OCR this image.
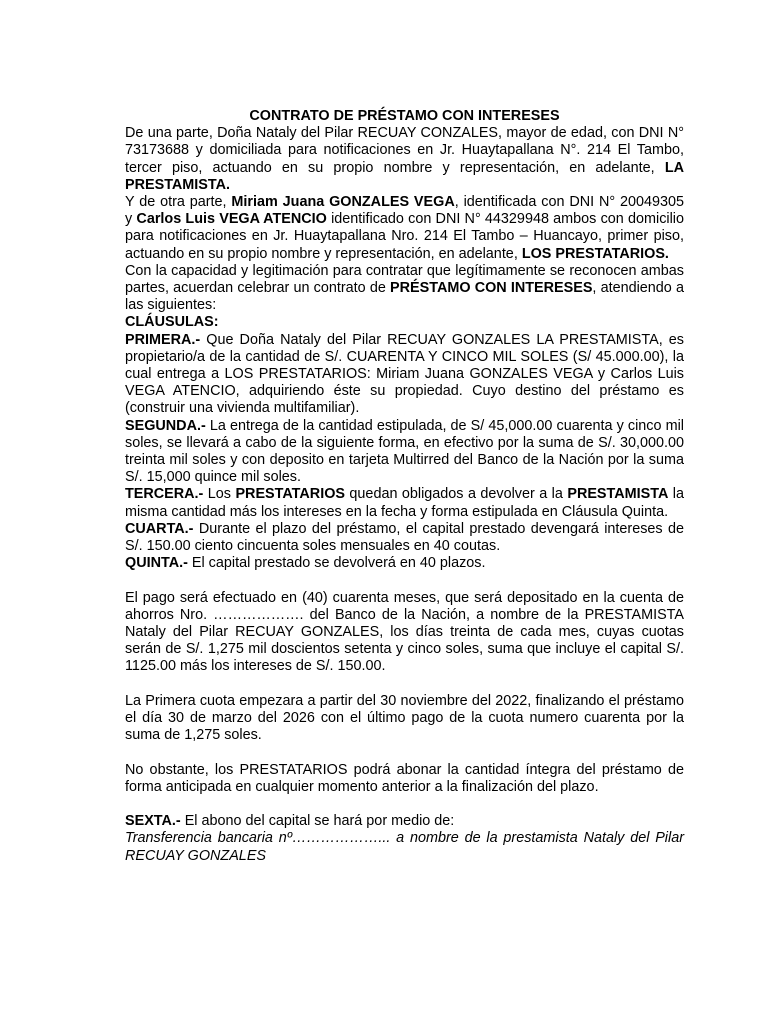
CONTRATO DE PRÉSTAMO CON INTERESES

De una parte, Doña Nataly del Pilar RECUAY CONZALES, mayor de edad, con DNI N° 73173688 y domiciliada para notificaciones en Jr. Huaytapallana N°. 214 El Tambo, tercer piso, actuando en su propio nombre y representación, en adelante, LA PRESTAMISTA.

Y de otra parte, Miriam Juana GONZALES VEGA, identificada con DNI N° 20049305 y Carlos Luis VEGA ATENCIO identificado con DNI N° 44329948 ambos con domicilio para notificaciones en Jr. Huaytapallana Nro. 214 El Tambo – Huancayo, primer piso, actuando en su propio nombre y representación, en adelante, LOS PRESTATARIOS.

Con la capacidad y legitimación para contratar que legítimamente se reconocen ambas partes, acuerdan celebrar un contrato de PRÉSTAMO CON INTERESES, atendiendo a las siguientes:

CLÁUSULAS:

PRIMERA.- Que Doña Nataly del Pilar RECUAY GONZALES LA PRESTAMISTA, es propietario/a de la cantidad de S/. CUARENTA Y CINCO MIL SOLES (S/ 45.000.00), la cual entrega a LOS PRESTATARIOS: Miriam Juana GONZALES VEGA y Carlos Luis VEGA ATENCIO, adquiriendo éste su propiedad. Cuyo destino del préstamo es (construir una vivienda multifamiliar).

SEGUNDA.- La entrega de la cantidad estipulada, de S/ 45,000.00 cuarenta y cinco mil soles, se llevará a cabo de la siguiente forma, en efectivo por la suma de S/. 30,000.00 treinta mil soles y con deposito en tarjeta Multirred del Banco de la Nación por la suma S/. 15,000 quince mil soles.

TERCERA.- Los PRESTATARIOS quedan obligados a devolver a la PRESTAMISTA la misma cantidad más los intereses en la fecha y forma estipulada en Cláusula Quinta.

CUARTA.- Durante el plazo del préstamo, el capital prestado devengará intereses de S/. 150.00 ciento cincuenta soles mensuales en 40 coutas.

QUINTA.- El capital prestado se devolverá en 40 plazos.

El pago será efectuado en (40) cuarenta meses, que será depositado en la cuenta de ahorros Nro. ………………. del Banco de la Nación, a nombre de la PRESTAMISTA Nataly del Pilar RECUAY GONZALES, los días treinta de cada mes, cuyas cuotas serán de S/. 1,275 mil doscientos setenta y cinco soles, suma que incluye el capital S/. 1125.00 más los intereses de S/. 150.00.

La Primera cuota empezara a partir del 30 noviembre del 2022, finalizando el préstamo el día 30 de marzo del 2026 con el último pago de la cuota numero cuarenta por la suma de 1,275 soles.

No obstante, los PRESTATARIOS podrá abonar la cantidad íntegra del préstamo de forma anticipada en cualquier momento anterior a la finalización del plazo.

SEXTA.- El abono del capital se hará por medio de:

Transferencia bancaria nº………………... a nombre de la prestamista Nataly del Pilar RECUAY GONZALES
